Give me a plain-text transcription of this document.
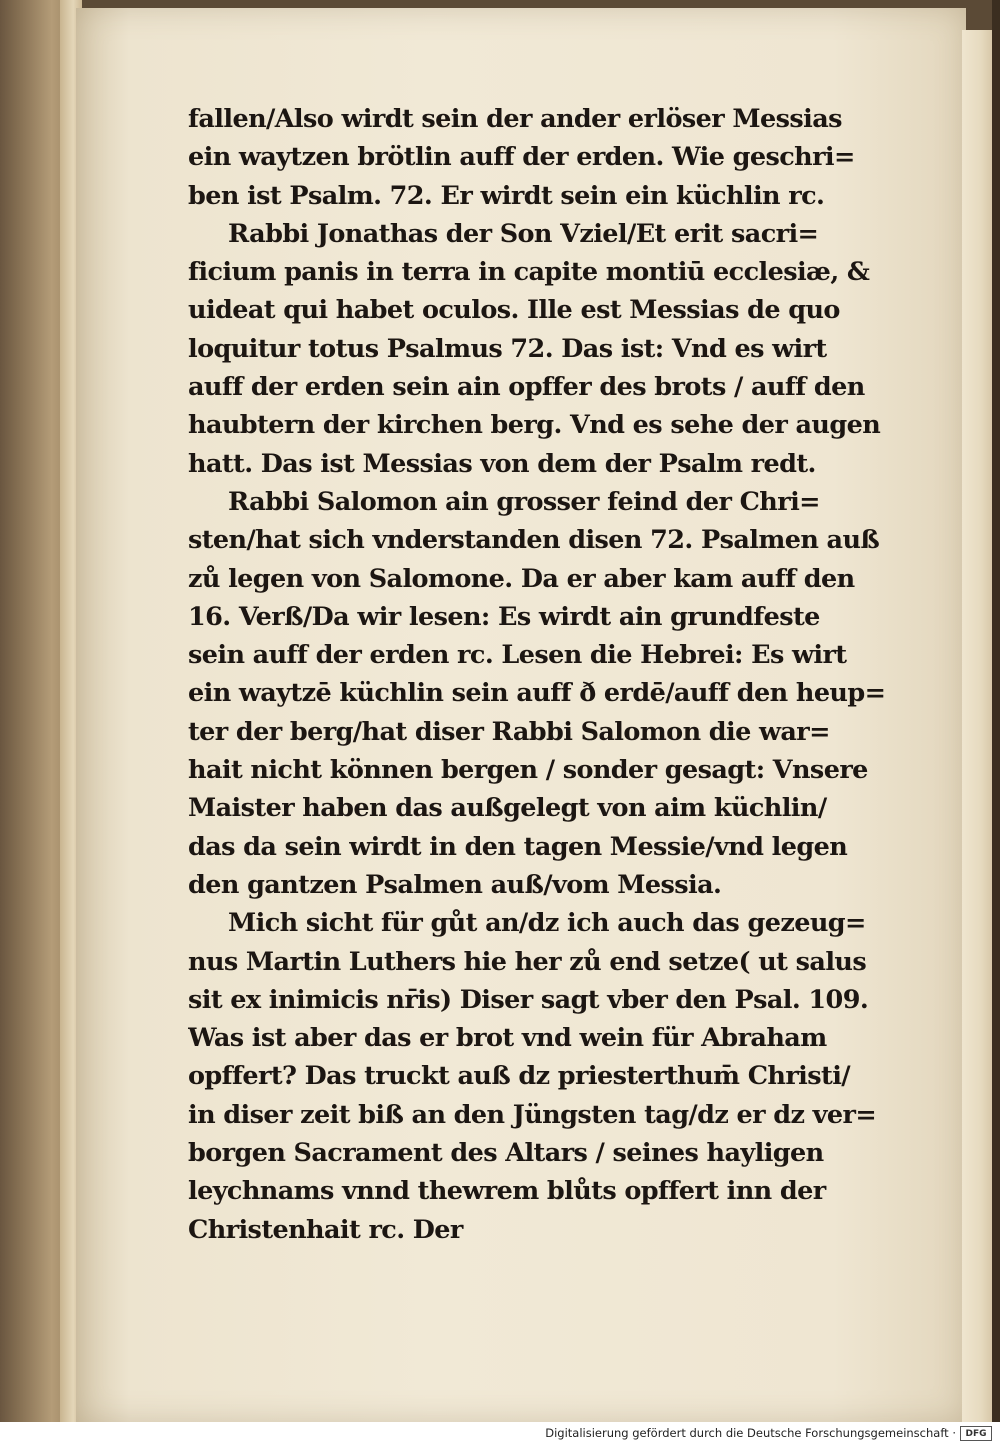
fallen/Also wirdt sein der ander erlöser Messias
ein waytzen brötlin auff der erden. Wie geschri=
ben ist Psalm. 72. Er wirdt sein ein küchlin rc.
Rabbi Jonathas der Son Vziel/Et erit sacri=
ficium panis in terra in capite montiū ecclesiæ, &
uideat qui habet oculos. Ille est Messias de quo
loquitur totus Psalmus 72. Das ist: Vnd es wirt
auff der erden sein ain opffer des brots / auff den
haubtern der kirchen berg. Vnd es sehe der augen
hatt. Das ist Messias von dem der Psalm redt.
Rabbi Salomon ain grosser feind der Chri=
sten/hat sich vnderstanden disen 72. Psalmen auß
zů legen von Salomone. Da er aber kam auff den
16. Verß/Da wir lesen: Es wirdt ain grundfeste
sein auff der erden rc. Lesen die Hebrei: Es wirt
ein waytzē küchlin sein auff ð erdē/auff den heup=
ter der berg/hat diser Rabbi Salomon die war=
hait nicht können bergen / sonder gesagt: Vnsere
Maister haben das außgelegt von aim küchlin/
das da sein wirdt in den tagen Messie/vnd legen
den gantzen Psalmen auß/vom Messia.
Mich sicht für gůt an/dz ich auch das gezeug=
nus Martin Luthers hie her zů end setze( ut salus
sit ex inimicis nr̄is) Diser sagt vber den Psal. 109.
Was ist aber das er brot vnd wein für Abraham
opffert? Das truckt auß dz priesterthum̄ Christi/
in diser zeit biß an den Jüngsten tag/dz er dz ver=
borgen Sacrament des Altars / seines hayligen
leychnams vnnd thewrem blůts opffert inn der
Christenhait rc. Der
Digitalisierung gefördert durch die Deutsche Forschungsgemeinschaft ·	DFG
